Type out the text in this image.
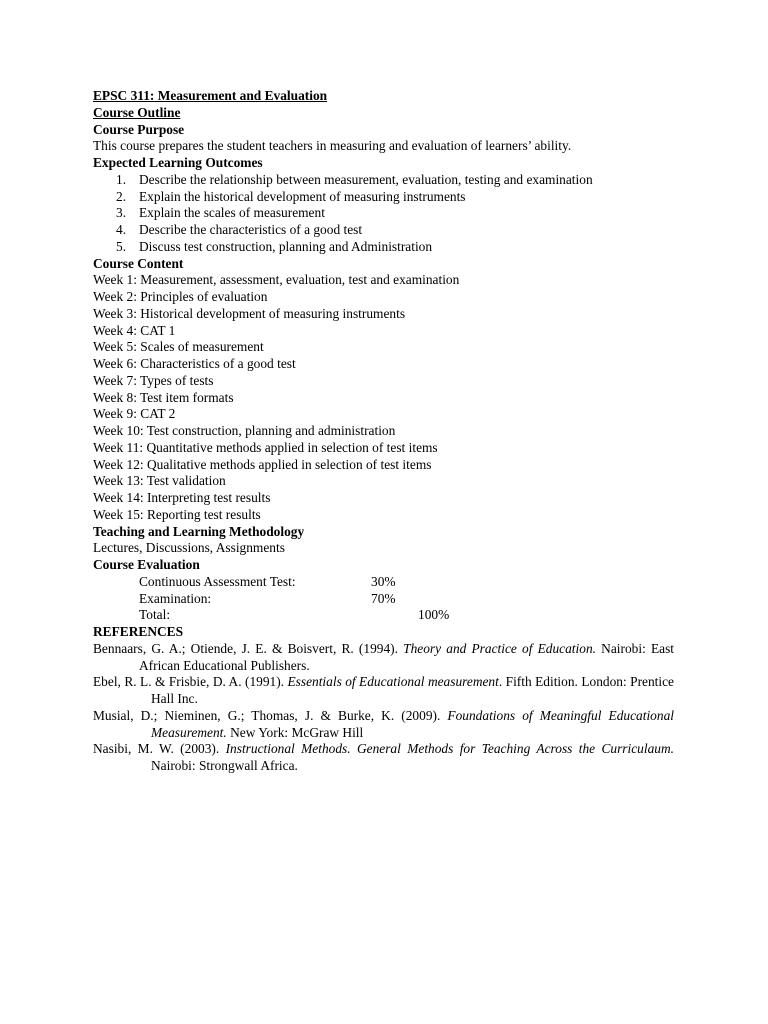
EPSC 311: Measurement and Evaluation
Course Outline
Course Purpose
This course prepares the student teachers in measuring and evaluation of learners’ ability.
Expected Learning Outcomes
1. Describe the relationship between measurement, evaluation, testing and examination
2. Explain the historical development of measuring instruments
3. Explain the scales of measurement
4. Describe the characteristics of a good test
5. Discuss test construction, planning and Administration
Course Content
Week 1: Measurement, assessment, evaluation, test and examination
Week 2: Principles of evaluation
Week 3: Historical development of measuring instruments
Week 4: CAT 1
Week 5: Scales of measurement
Week 6: Characteristics of a good test
Week 7: Types of tests
Week 8: Test item formats
Week 9: CAT 2
Week 10: Test construction, planning and administration
Week 11: Quantitative methods applied in selection of test items
Week 12: Qualitative methods applied in selection of test items
Week 13: Test validation
Week 14: Interpreting test results
Week 15: Reporting test results
Teaching and Learning Methodology
Lectures, Discussions, Assignments
Course Evaluation
Continuous Assessment Test:	30%
Examination:	70%
Total:	100%
REFERENCES
Bennaars, G. A.; Otiende, J. E. & Boisvert, R. (1994). Theory and Practice of Education. Nairobi: East African Educational Publishers.
Ebel, R. L. & Frisbie, D. A. (1991). Essentials of Educational measurement. Fifth Edition. London: Prentice Hall Inc.
Musial, D.; Nieminen, G.; Thomas, J. & Burke, K. (2009). Foundations of Meaningful Educational Measurement. New York: McGraw Hill
Nasibi, M. W. (2003). Instructional Methods. General Methods for Teaching Across the Curriculaum. Nairobi: Strongwall Africa.
